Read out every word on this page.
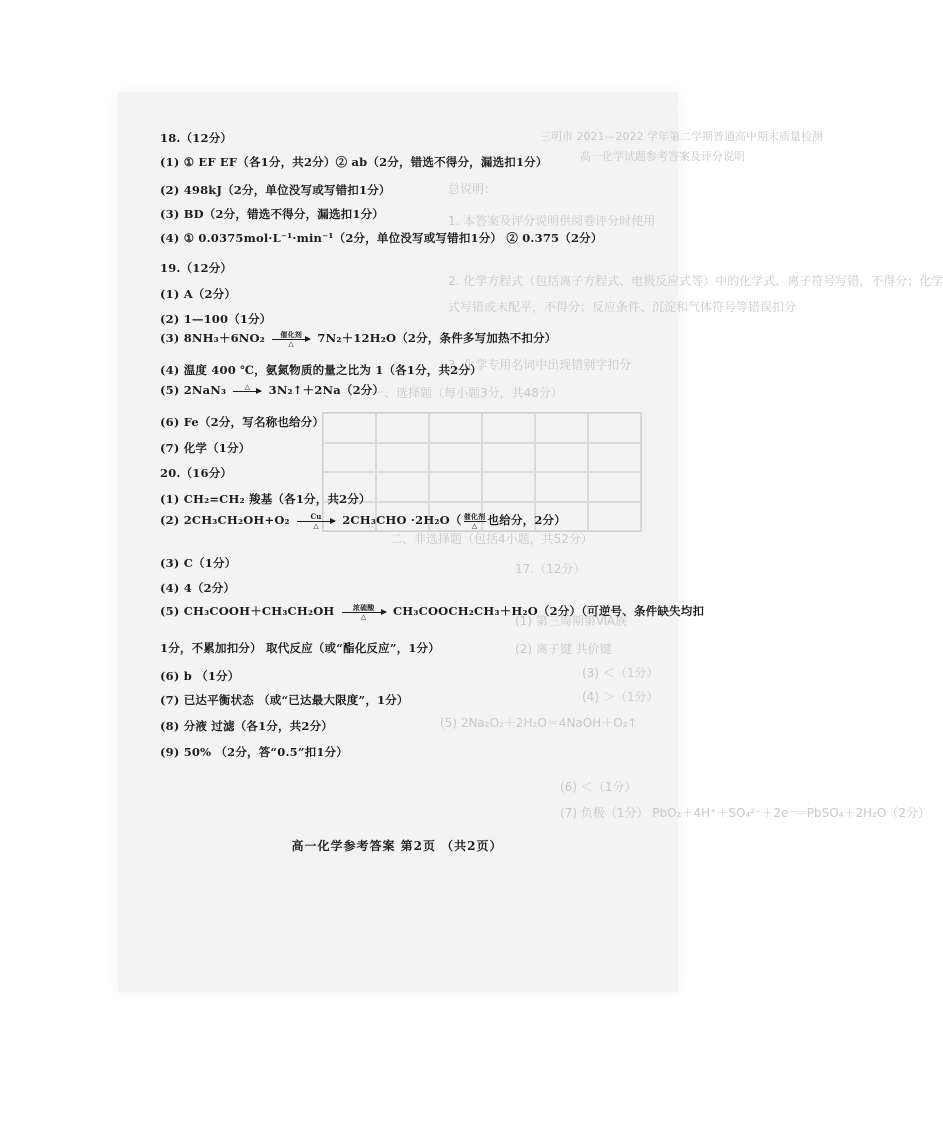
三明市 2021—2022 学年第二学期普通高中期末质量检测
高一化学试题参考答案及评分说明
总说明：
1. 本答案及评分说明供阅卷评分时使用
2. 化学方程式（包括离子方程式、电极反应式等）中的化学式、离子符号写错，不得分；化学
式写错或未配平，不得分；反应条件、沉淀和气体符号等错误扣分
3. 化学专用名词中出现错别字扣分
一、选择题（每小题3分，共48分）
二、非选择题（包括4小题，共52分）
17.（12分）
(1) 第三周期第ⅥA族
(2) 离子键 共价键
(3) ＜（1分）
(4) ＞（1分）
(5) 2Na₂O₂＋2H₂O＝4NaOH＋O₂↑
(6) ＜（1分）
(7) 负极（1分） PbO₂＋4H⁺＋SO₄²⁻＋2e⁻＝PbSO₄＋2H₂O（2分）
18.（12分）
(1) ① EF EF（各1分，共2分）② ab（2分，错选不得分，漏选扣1分）
(2) 498kJ（2分，单位没写或写错扣1分）
(3) BD（2分，错选不得分，漏选扣1分）
(4) ① 0.0375mol·L⁻¹·min⁻¹（2分，单位没写或写错扣1分） ② 0.375（2分）
19.（12分）
(1) A（2分）
(2) 1—100（1分）
(3) 8NH₃＋6NO₂ 催化剂
△ 7N₂＋12H₂O（2分，条件多写加热不扣分）
(4) 温度 400 ℃，氨氮物质的量之比为 1（各1分，共2分）
(5) 2NaN₃	△ 3N₂↑＋2Na（2分）
(6) Fe（2分，写名称也给分）
(7) 化学（1分）
20.（16分）
(1) CH₂=CH₂ 羧基（各1分，共2分）
(2) 2CH₃CH₂OH+O₂	Cu
△ $2CH_3CHO \cdot 2H_2O( \frac{\text{催化剂}}{\triangle}$ 也给分，2分）
(3) C（1分）
(4) 4（2分）
(5) CH₃COOH＋CH₃CH₂OH	浓硫酸
△ CH₃COOCH₂CH₃＋H₂O（2分）（可逆号、条件缺失均扣
1分，不累加扣分） 取代反应（或“酯化反应”，1分）
(6) b （1分）
(7) 已达平衡状态 （或“已达最大限度”，1分）
(8) 分液 过滤（各1分，共2分）
(9) 50% （2分，答“0.5”扣1分）
高一化学参考答案 第2页 （共2页）
